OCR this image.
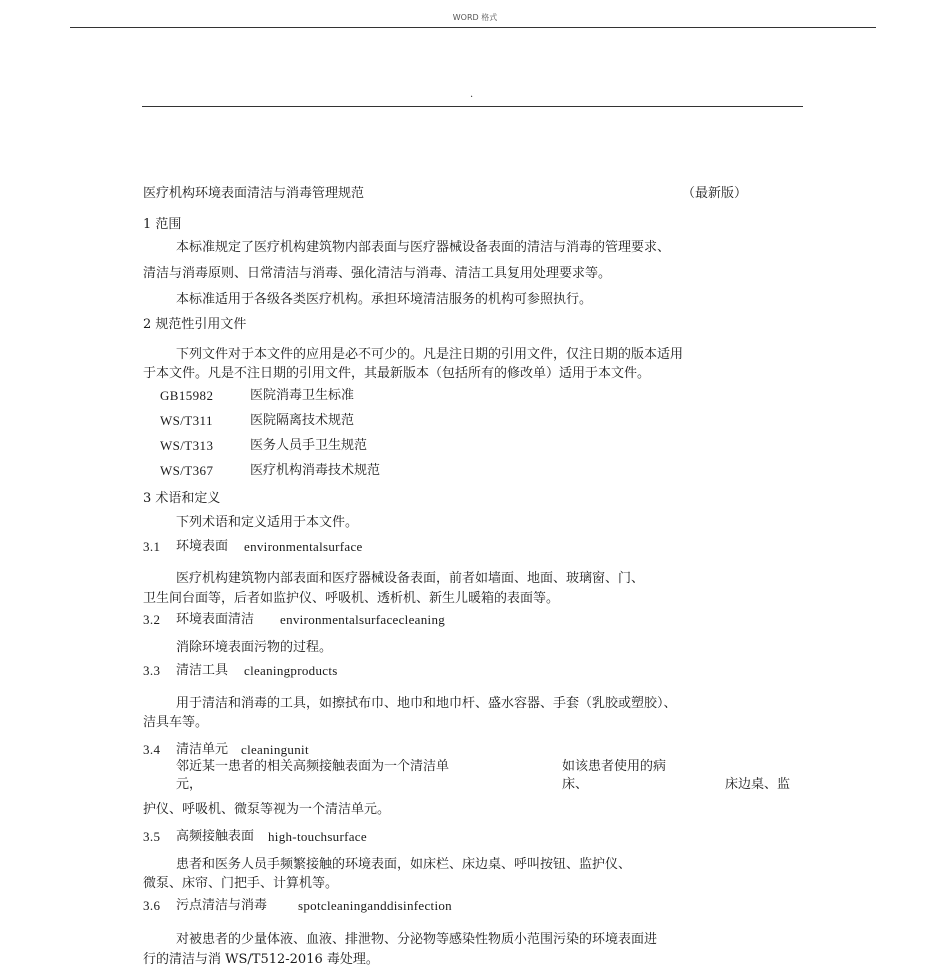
WORD 格式
.
医疗机构环境表面清洁与消毒管理规范	（最新版）
1 范围
本标准规定了医疗机构建筑物内部表面与医疗器械设备表面的清洁与消毒的管理要求、
清洁与消毒原则、日常清洁与消毒、强化清洁与消毒、清洁工具复用处理要求等。
本标准适用于各级各类医疗机构。承担环境清洁服务的机构可参照执行。
2 规范性引用文件
下列文件对于本文件的应用是必不可少的。凡是注日期的引用文件，仅注日期的版本适用
于本文件。凡是不注日期的引用文件，其最新版本（包括所有的修改单）适用于本文件。
GB15982	医院消毒卫生标准
WS/T311	医院隔离技术规范
WS/T313	医务人员手卫生规范
WS/T367	医疗机构消毒技术规范
3 术语和定义
下列术语和定义适用于本文件。
3.1 环境表面 environmentalsurface
医疗机构建筑物内部表面和医疗器械设备表面，前者如墙面、地面、玻璃窗、门、
卫生间台面等，后者如监护仪、呼吸机、透析机、新生儿暖箱的表面等。
3.2 环境表面清洁 environmentalsurfacecleaning
消除环境表面污物的过程。
3.3 清洁工具 cleaningproducts
用于清洁和消毒的工具，如擦拭布巾、地巾和地巾杆、盛水容器、手套（乳胶或塑胶）、
洁具车等。
3.4 清洁单元 cleaningunit
邻近某一患者的相关高频接触表面为一个清洁单
元，
如该患者使用的病
床、	床边桌、监
护仪、呼吸机、微泵等视为一个清洁单元。
3.5 高频接触表面 high-touchsurface
患者和医务人员手频繁接触的环境表面，如床栏、床边桌、呼叫按钮、监护仪、
微泵、床帘、门把手、计算机等。
3.6 污点清洁与消毒 spotcleaninganddisinfection
对被患者的少量体液、血液、排泄物、分泌物等感染性物质小范围污染的环境表面进
行的清洁与消 WS/T512-2016 毒处理。
